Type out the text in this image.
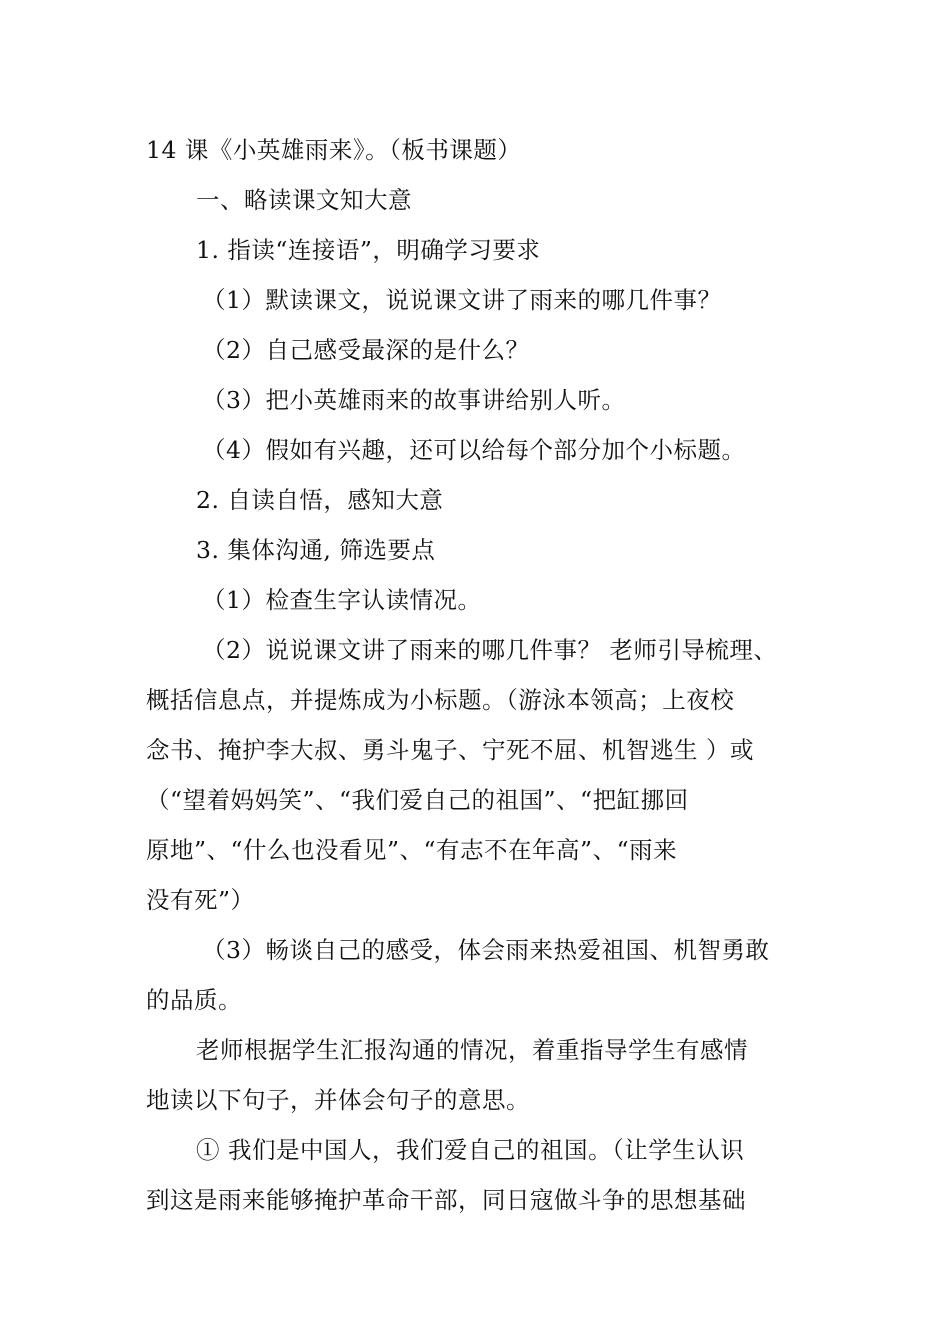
14 课《小英雄雨来》。（板书课题）
一、略读课文知大意
1. 指读“连接语”，明确学习要求
（1）默读课文，说说课文讲了雨来的哪几件事？
（2）自己感受最深的是什么？
（3）把小英雄雨来的故事讲给别人听。
（4）假如有兴趣，还可以给每个部分加个小标题。
2. 自读自悟，感知大意
3. 集体沟通, 筛选要点
（1）检查生字认读情况。
（2）说说课文讲了雨来的哪几件事？ 老师引导梳理、
概括信息点，并提炼成为小标题。（游泳本领高；上夜校
念书、掩护李大叔、勇斗鬼子、宁死不屈、机智逃生 ）或
（“望着妈妈笑”、“我们爱自己的祖国”、“把缸挪回
原地”、“什么也没看见”、“有志不在年高”、“雨来
没有死”）
（3）畅谈自己的感受，体会雨来热爱祖国、机智勇敢
的品质。
老师根据学生汇报沟通的情况，着重指导学生有感情
地读以下句子，并体会句子的意思。
① 我们是中国人，我们爱自己的祖国。（让学生认识
到这是雨来能够掩护革命干部，同日寇做斗争的思想基础
